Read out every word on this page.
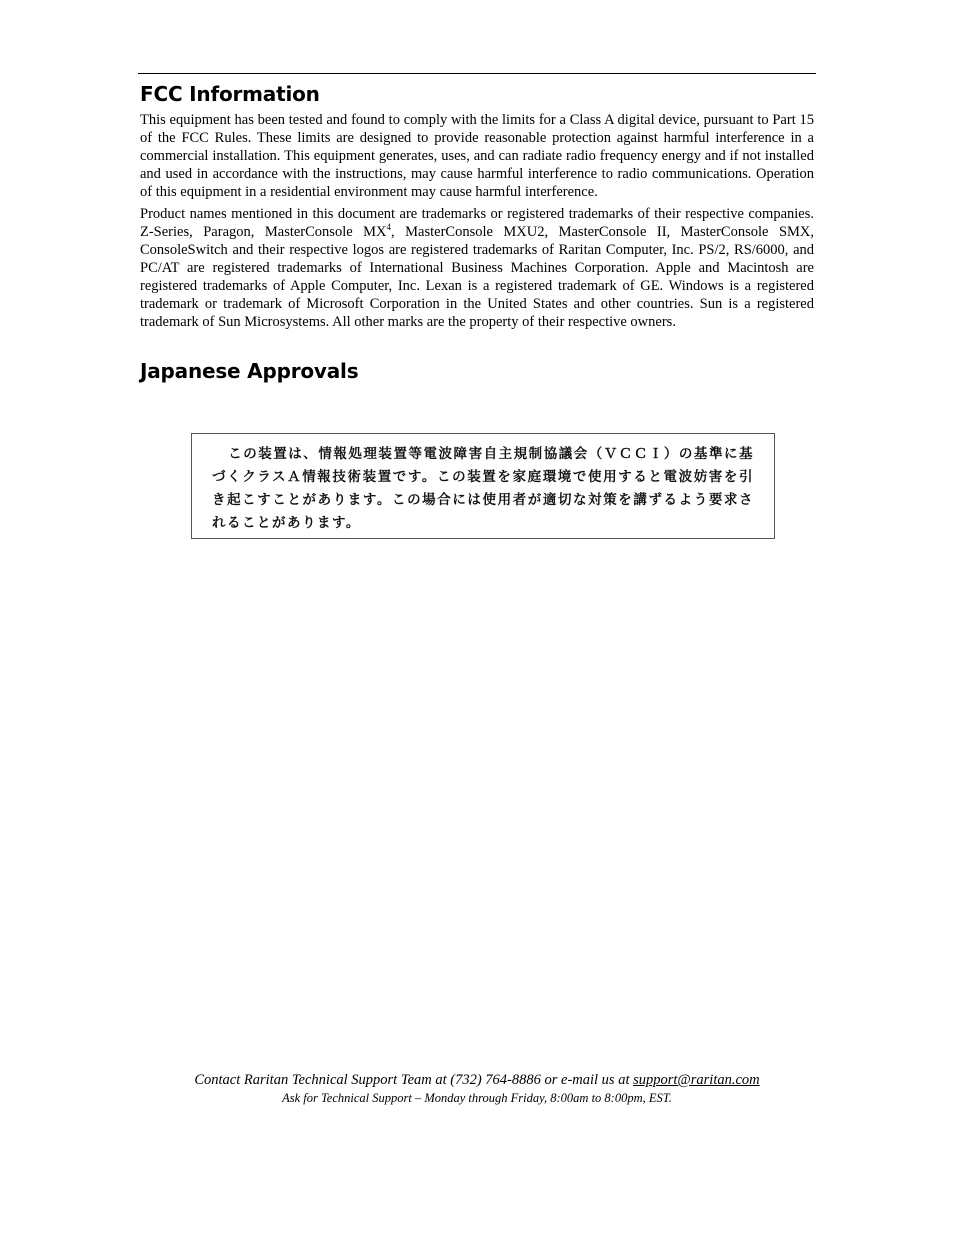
FCC Information

This equipment has been tested and found to comply with the limits for a Class A digital device, pursuant to Part 15 of the FCC Rules. These limits are designed to provide reasonable protection against harmful interference in a commercial installation. This equipment generates, uses, and can radiate radio frequency energy and if not installed and used in accordance with the instructions, may cause harmful interference to radio communications. Operation of this equipment in a residential environment may cause harmful interference.

Product names mentioned in this document are trademarks or registered trademarks of their respective companies. Z-Series, Paragon, MasterConsole $MX^4$, MasterConsole MXU2, MasterConsole II, MasterConsole SMX, ConsoleSwitch and their respective logos are registered trademarks of Raritan Computer, Inc. PS/2, RS/6000, and PC/AT are registered trademarks of International Business Machines Corporation. Apple and Macintosh are registered trademarks of Apple Computer, Inc. Lexan is a registered trademark of GE. Windows is a registered trademark or trademark of Microsoft Corporation in the United States and other countries. Sun is a registered trademark of Sun Microsystems. All other marks are the property of their respective owners.

Japanese Approvals
この装置は、情報処理装置等電波障害自主規制協議会（ＶＣＣＩ）の基準に基づくクラスＡ情報技術装置です。この装置を家庭環境で使用すると電波妨害を引き起こすことがあります。この場合には使用者が適切な対策を講ずるよう要求されることがあります。
Contact Raritan Technical Support Team at (732) 764-8886 or e-mail us at support@raritan.com
Ask for Technical Support – Monday through Friday, 8:00am to 8:00pm, EST.
